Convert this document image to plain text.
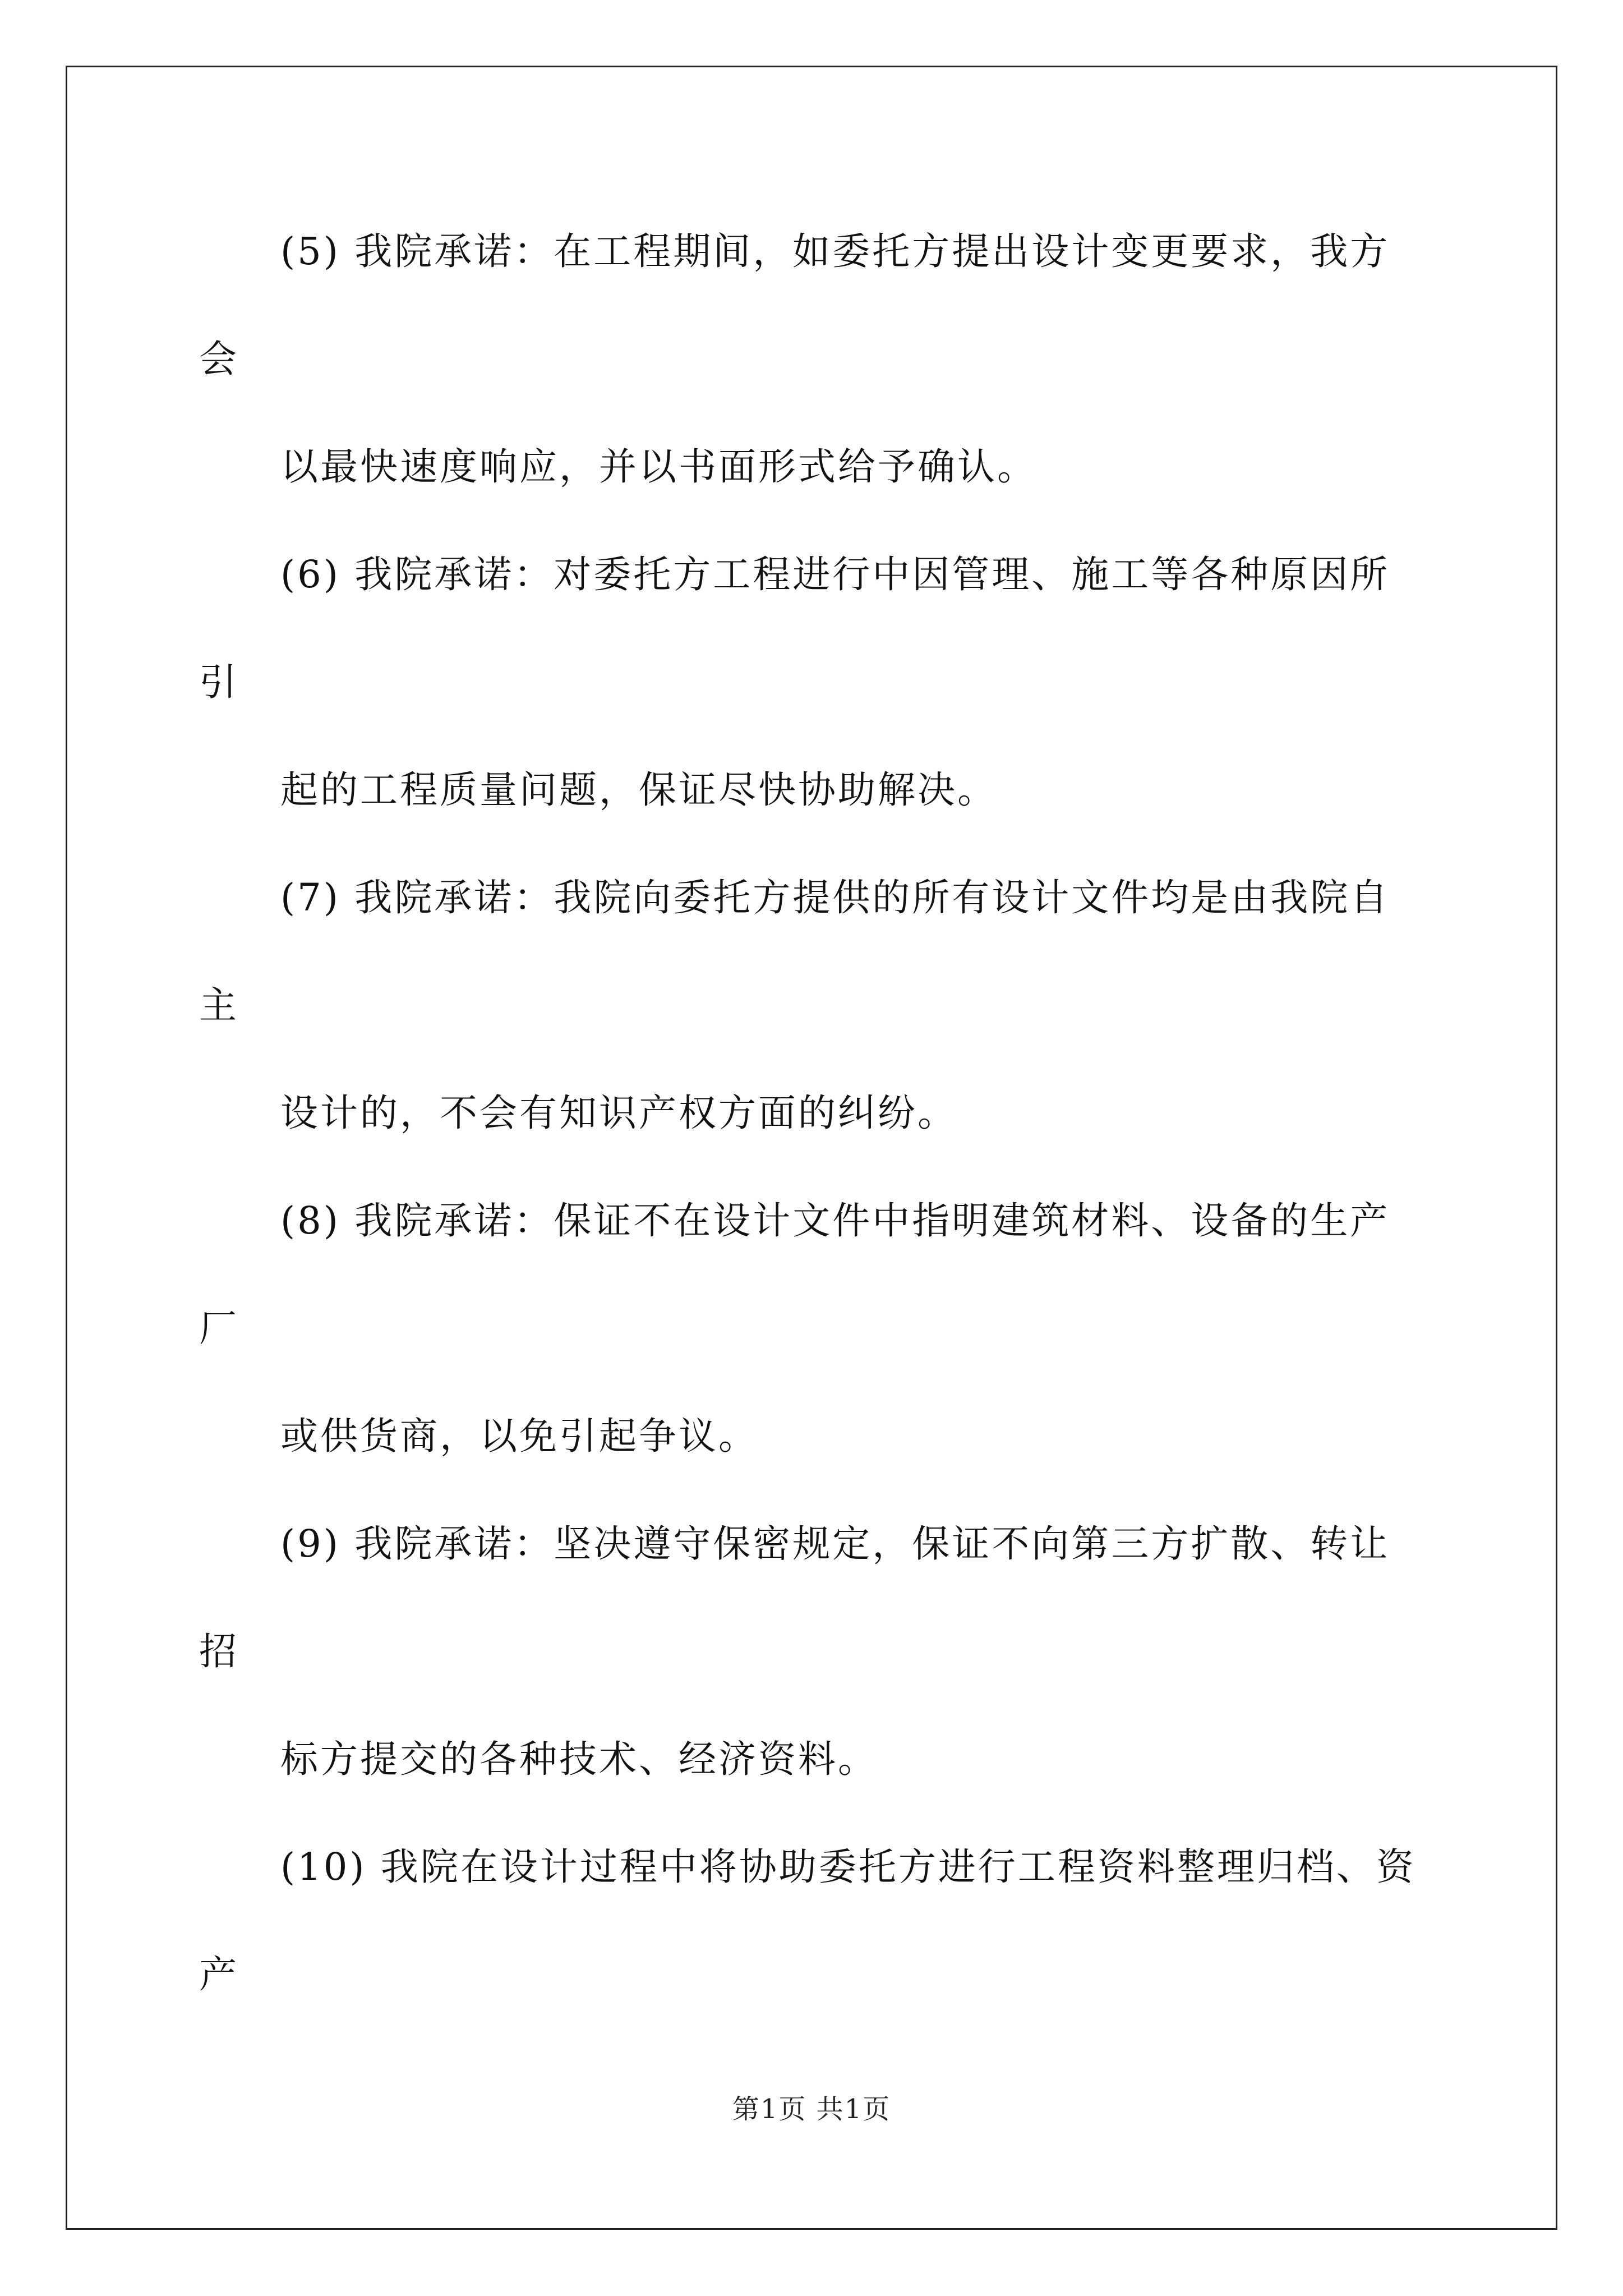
(5) 我院承诺：在工程期间，如委托方提出设计变更要求，我方
会
以最快速度响应，并以书面形式给予确认。
(6) 我院承诺：对委托方工程进行中因管理、施工等各种原因所
引
起的工程质量问题，保证尽快协助解决。
(7) 我院承诺：我院向委托方提供的所有设计文件均是由我院自
主
设计的，不会有知识产权方面的纠纷。
(8) 我院承诺：保证不在设计文件中指明建筑材料、设备的生产
厂
或供货商，以免引起争议。
(9) 我院承诺：坚决遵守保密规定，保证不向第三方扩散、转让
招
标方提交的各种技术、经济资料。
(10) 我院在设计过程中将协助委托方进行工程资料整理归档、资
产
第1页 共1页
